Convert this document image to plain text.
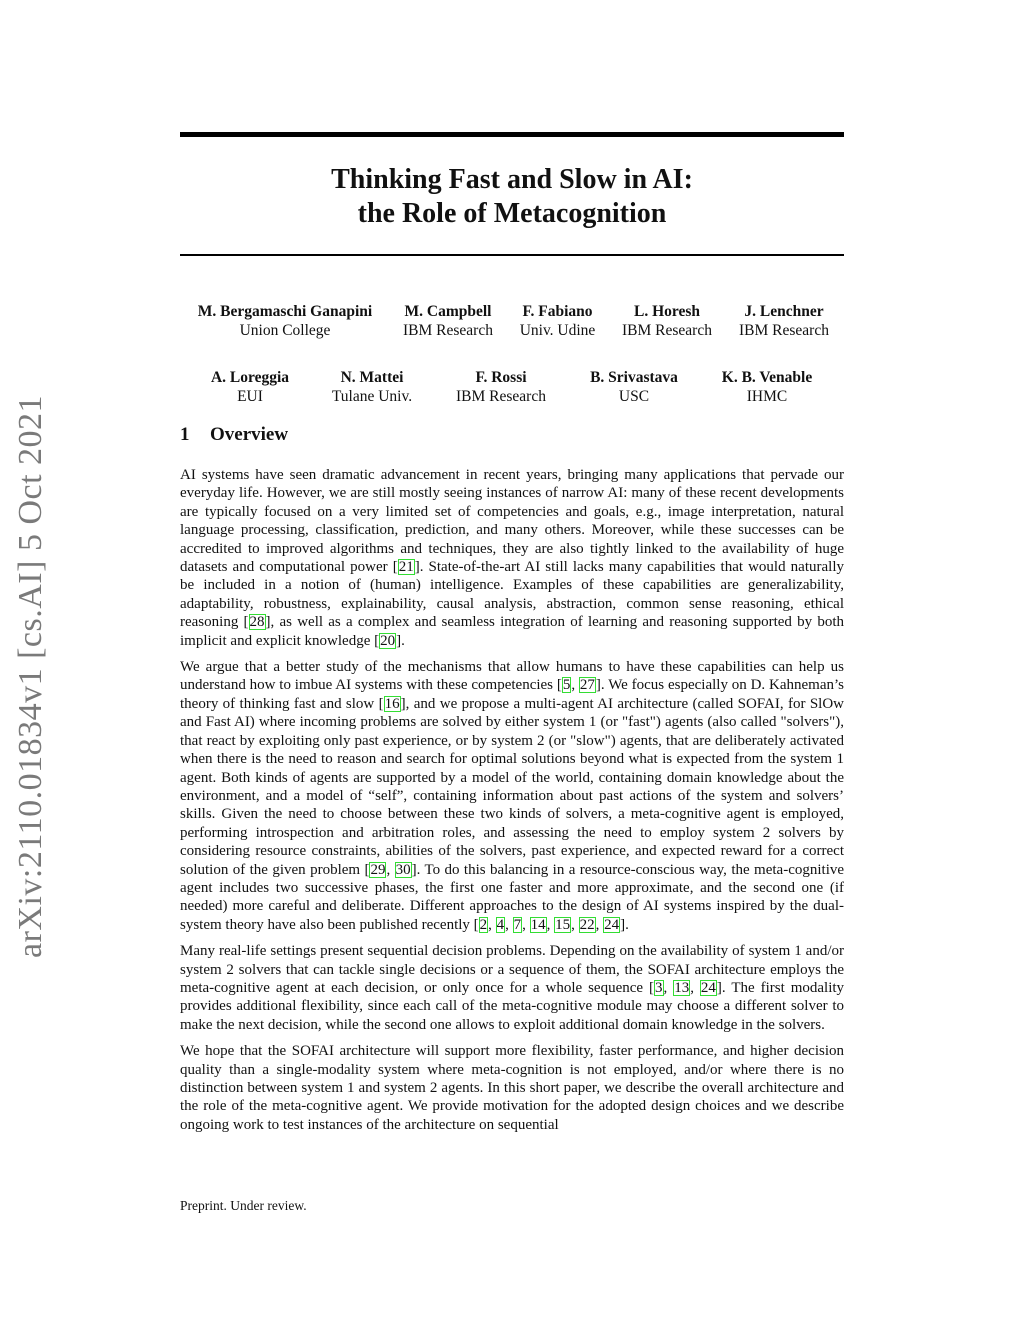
arXiv:2110.01834v1 [cs.AI] 5 Oct 2021
Thinking Fast and Slow in AI:
the Role of Metacognition
M. Bergamaschi Ganapini
Union College
M. Campbell
IBM Research
F. Fabiano
Univ. Udine
L. Horesh
IBM Research
J. Lenchner
IBM Research
A. Loreggia
EUI
N. Mattei
Tulane Univ.
F. Rossi
IBM Research
B. Srivastava
USC
K. B. Venable
IHMC
1 Overview

AI systems have seen dramatic advancement in recent years, bringing many applications that pervade our everyday life. However, we are still mostly seeing instances of narrow AI: many of these recent developments are typically focused on a very limited set of competencies and goals, e.g., image interpretation, natural language processing, classification, prediction, and many others. Moreover, while these successes can be accredited to improved algorithms and techniques, they are also tightly linked to the availability of huge datasets and computational power [21]. State-of-the-art AI still lacks many capabilities that would naturally be included in a notion of (human) intelligence. Examples of these capabilities are generalizability, adaptability, robustness, explainability, causal analysis, abstraction, common sense reasoning, ethical reasoning [28], as well as a complex and seamless integration of learning and reasoning supported by both implicit and explicit knowledge [20].

We argue that a better study of the mechanisms that allow humans to have these capabilities can help us understand how to imbue AI systems with these competencies [5, 27]. We focus especially on D. Kahneman’s theory of thinking fast and slow [16], and we propose a multi-agent AI architecture (called SOFAI, for SlOw and Fast AI) where incoming problems are solved by either system 1 (or "fast") agents (also called "solvers"), that react by exploiting only past experience, or by system 2 (or "slow") agents, that are deliberately activated when there is the need to reason and search for optimal solutions beyond what is expected from the system 1 agent. Both kinds of agents are supported by a model of the world, containing domain knowledge about the environment, and a model of “self”, containing information about past actions of the system and solvers’ skills. Given the need to choose between these two kinds of solvers, a meta-cognitive agent is employed, performing introspection and arbitration roles, and assessing the need to employ system 2 solvers by considering resource constraints, abilities of the solvers, past experience, and expected reward for a correct solution of the given problem [29, 30]. To do this balancing in a resource-conscious way, the meta-cognitive agent includes two successive phases, the first one faster and more approximate, and the second one (if needed) more careful and deliberate. Different approaches to the design of AI systems inspired by the dual-system theory have also been published recently [2, 4, 7, 14, 15, 22, 24].

Many real-life settings present sequential decision problems. Depending on the availability of system 1 and/or system 2 solvers that can tackle single decisions or a sequence of them, the SOFAI architecture employs the meta-cognitive agent at each decision, or only once for a whole sequence [3, 13, 24]. The first modality provides additional flexibility, since each call of the meta-cognitive module may choose a different solver to make the next decision, while the second one allows to exploit additional domain knowledge in the solvers.

We hope that the SOFAI architecture will support more flexibility, faster performance, and higher decision quality than a single-modality system where meta-cognition is not employed, and/or where there is no distinction between system 1 and system 2 agents. In this short paper, we describe the overall architecture and the role of the meta-cognitive agent. We provide motivation for the adopted design choices and we describe ongoing work to test instances of the architecture on sequential

Preprint. Under review.
